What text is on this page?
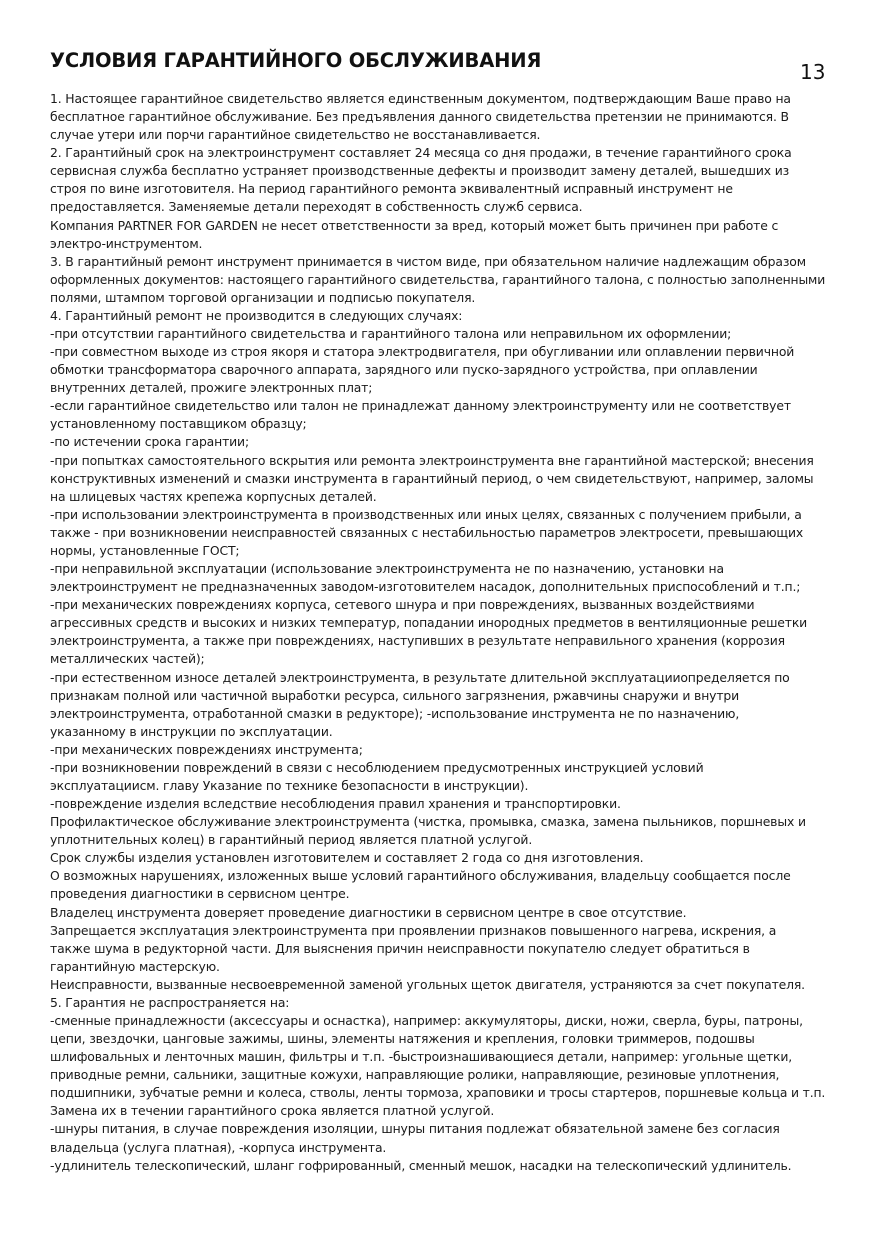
УСЛОВИЯ ГАРАНТИЙНОГО ОБСЛУЖИВАНИЯ	13
1. Настоящее гарантийное свидетельство является единственным документом, подтверждающим Ваше право на
бесплатное гарантийное обслуживание. Без предъявления данного свидетельства претензии не принимаются. В
случае утери или порчи гарантийное свидетельство не восстанавливается.
2. Гарантийный срок на электроинструмент составляет 24 месяца со дня продажи, в течение гарантийного срока
сервисная служба бесплатно устраняет производственные дефекты и производит замену деталей, вышедших из
строя по вине изготовителя. На период гарантийного ремонта эквивалентный исправный инструмент не
предоставляется. Заменяемые детали переходят в собственность служб сервиса.
Компания PARTNER FOR GARDEN не несет ответственности за вред, который может быть причинен при работе с
электро-инструментом.
3. В гарантийный ремонт инструмент принимается в чистом виде, при обязательном наличие надлежащим образом
оформленных документов: настоящего гарантийного свидетельства, гарантийного талона, с полностью заполненными
полями, штампом торговой организации и подписью покупателя.
4. Гарантийный ремонт не производится в следующих случаях:
-при отсутствии гарантийного свидетельства и гарантийного талона или неправильном их оформлении;
-при совместном выходе из строя якоря и статора электродвигателя, при обугливании или оплавлении первичной
обмотки трансформатора сварочного аппарата, зарядного или пуско-зарядного устройства, при оплавлении
внутренних деталей, прожиге электронных плат;
-если гарантийное свидетельство или талон не принадлежат данному электроинструменту или не соответствует
установленному поставщиком образцу;
-по истечении срока гарантии;
-при попытках самостоятельного вскрытия или ремонта электроинструмента вне гарантийной мастерской; внесения
конструктивных изменений и смазки инструмента в гарантийный период, о чем свидетельствуют, например, заломы
на шлицевых частях крепежа корпусных деталей.
-при использовании электроинструмента в производственных или иных целях, связанных с получением прибыли, а
также - при возникновении неисправностей связанных с нестабильностью параметров электросети, превышающих
нормы, установленные ГОСТ;
-при неправильной эксплуатации (использование электроинструмента не по назначению, установки на
электроинструмент не предназначенных заводом-изготовителем насадок, дополнительных приспособлений и т.п.;
-при механических повреждениях корпуса, сетевого шнура и при повреждениях, вызванных воздействиями
агрессивных средств и высоких и низких температур, попадании инородных предметов в вентиляционные решетки
электроинструмента, а также при повреждениях, наступивших в результате неправильного хранения (коррозия
металлических частей);
-при естественном износе деталей электроинструмента, в результате длительной эксплуатацииопределяется по
признакам полной или частичной выработки ресурса, сильного загрязнения, ржавчины снаружи и внутри
электроинструмента, отработанной смазки в редукторе); -использование инструмента не по назначению,
указанному в инструкции по эксплуатации.
-при механических повреждениях инструмента;
-при возникновении повреждений в связи с несоблюдением предусмотренных инструкцией условий
эксплуатацииcм. главу Указание по технике безопасности в инструкции).
-повреждение изделия вследствие несоблюдения правил хранения и транспортировки.
Профилактическое обслуживание электроинструмента (чистка, промывка, смазка, замена пыльников, поршневых и
уплотнительных колец) в гарантийный период является платной услугой.
Срок службы изделия установлен изготовителем и составляет 2 года со дня изготовления.
О возможных нарушениях, изложенных выше условий гарантийного обслуживания, владельцу сообщается после
проведения диагностики в сервисном центре.
Владелец инструмента доверяет проведение диагностики в сервисном центре в свое отсутствие.
Запрещается эксплуатация электроинструмента при проявлении признаков повышенного нагрева, искрения, а
также шума в редукторной части. Для выяснения причин неисправности покупателю следует обратиться в
гарантийную мастерскую.
Неисправности, вызванные несвоевременной заменой угольных щеток двигателя, устраняются за счет покупателя.
5. Гарантия не распространяется на:
-сменные принадлежности (аксессуары и оснастка), например: аккумуляторы, диски, ножи, сверла, буры, патроны,
цепи, звездочки, цанговые зажимы, шины, элементы натяжения и крепления, головки триммеров, подошвы
шлифовальных и ленточных машин, фильтры и т.п. -быстроизнашивающиеся детали, например: угольные щетки,
приводные ремни, сальники, защитные кожухи, направляющие ролики, направляющие, резиновые уплотнения,
подшипники, зубчатые ремни и колеса, стволы, ленты тормоза, храповики и тросы стартеров, поршневые кольца и т.п.
Замена их в течении гарантийного срока является платной услугой.
-шнуры питания, в случае повреждения изоляции, шнуры питания подлежат обязательной замене без согласия
владельца (услуга платная), -корпуса инструмента.
-удлинитель телескопический, шланг гофрированный, сменный мешок, насадки на телескопический удлинитель.
